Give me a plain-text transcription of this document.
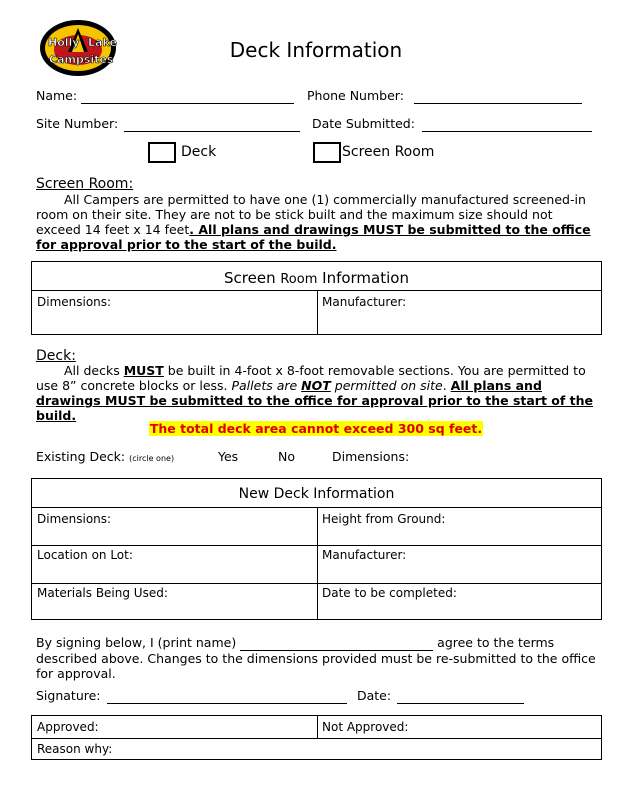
Holly Lake
Campsites	Deck Information
Name:	Phone Number:
Site Number:	Date Submitted:
Deck	Screen Room
Screen Room:
All Campers are permitted to have one (1) commercially manufactured screened-in room on their site. They are not to be stick built and the maximum size should not exceed 14 feet x 14 feet. All plans and drawings MUST be submitted to the office for approval prior to the start of the build.
Screen Room Information
Dimensions:	Manufacturer:
Deck:
All decks MUST be built in 4-foot x 8-foot removable sections. You are permitted to use 8” concrete blocks or less. Pallets are NOT permitted on site. All plans and drawings MUST be submitted to the office for approval prior to the start of the build.
The total deck area cannot exceed 300 sq feet.
Existing Deck: (circle one)	Yes	No	Dimensions:
New Deck Information
Dimensions:	Height from Ground:
Location on Lot:	Manufacturer:
Materials Being Used:	Date to be completed:
By signing below, I (print name)	agree to the terms described above. Changes to the dimensions provided must be re-submitted to the office for approval.
Signature:	Date:
Approved:	Not Approved:
Reason why:
